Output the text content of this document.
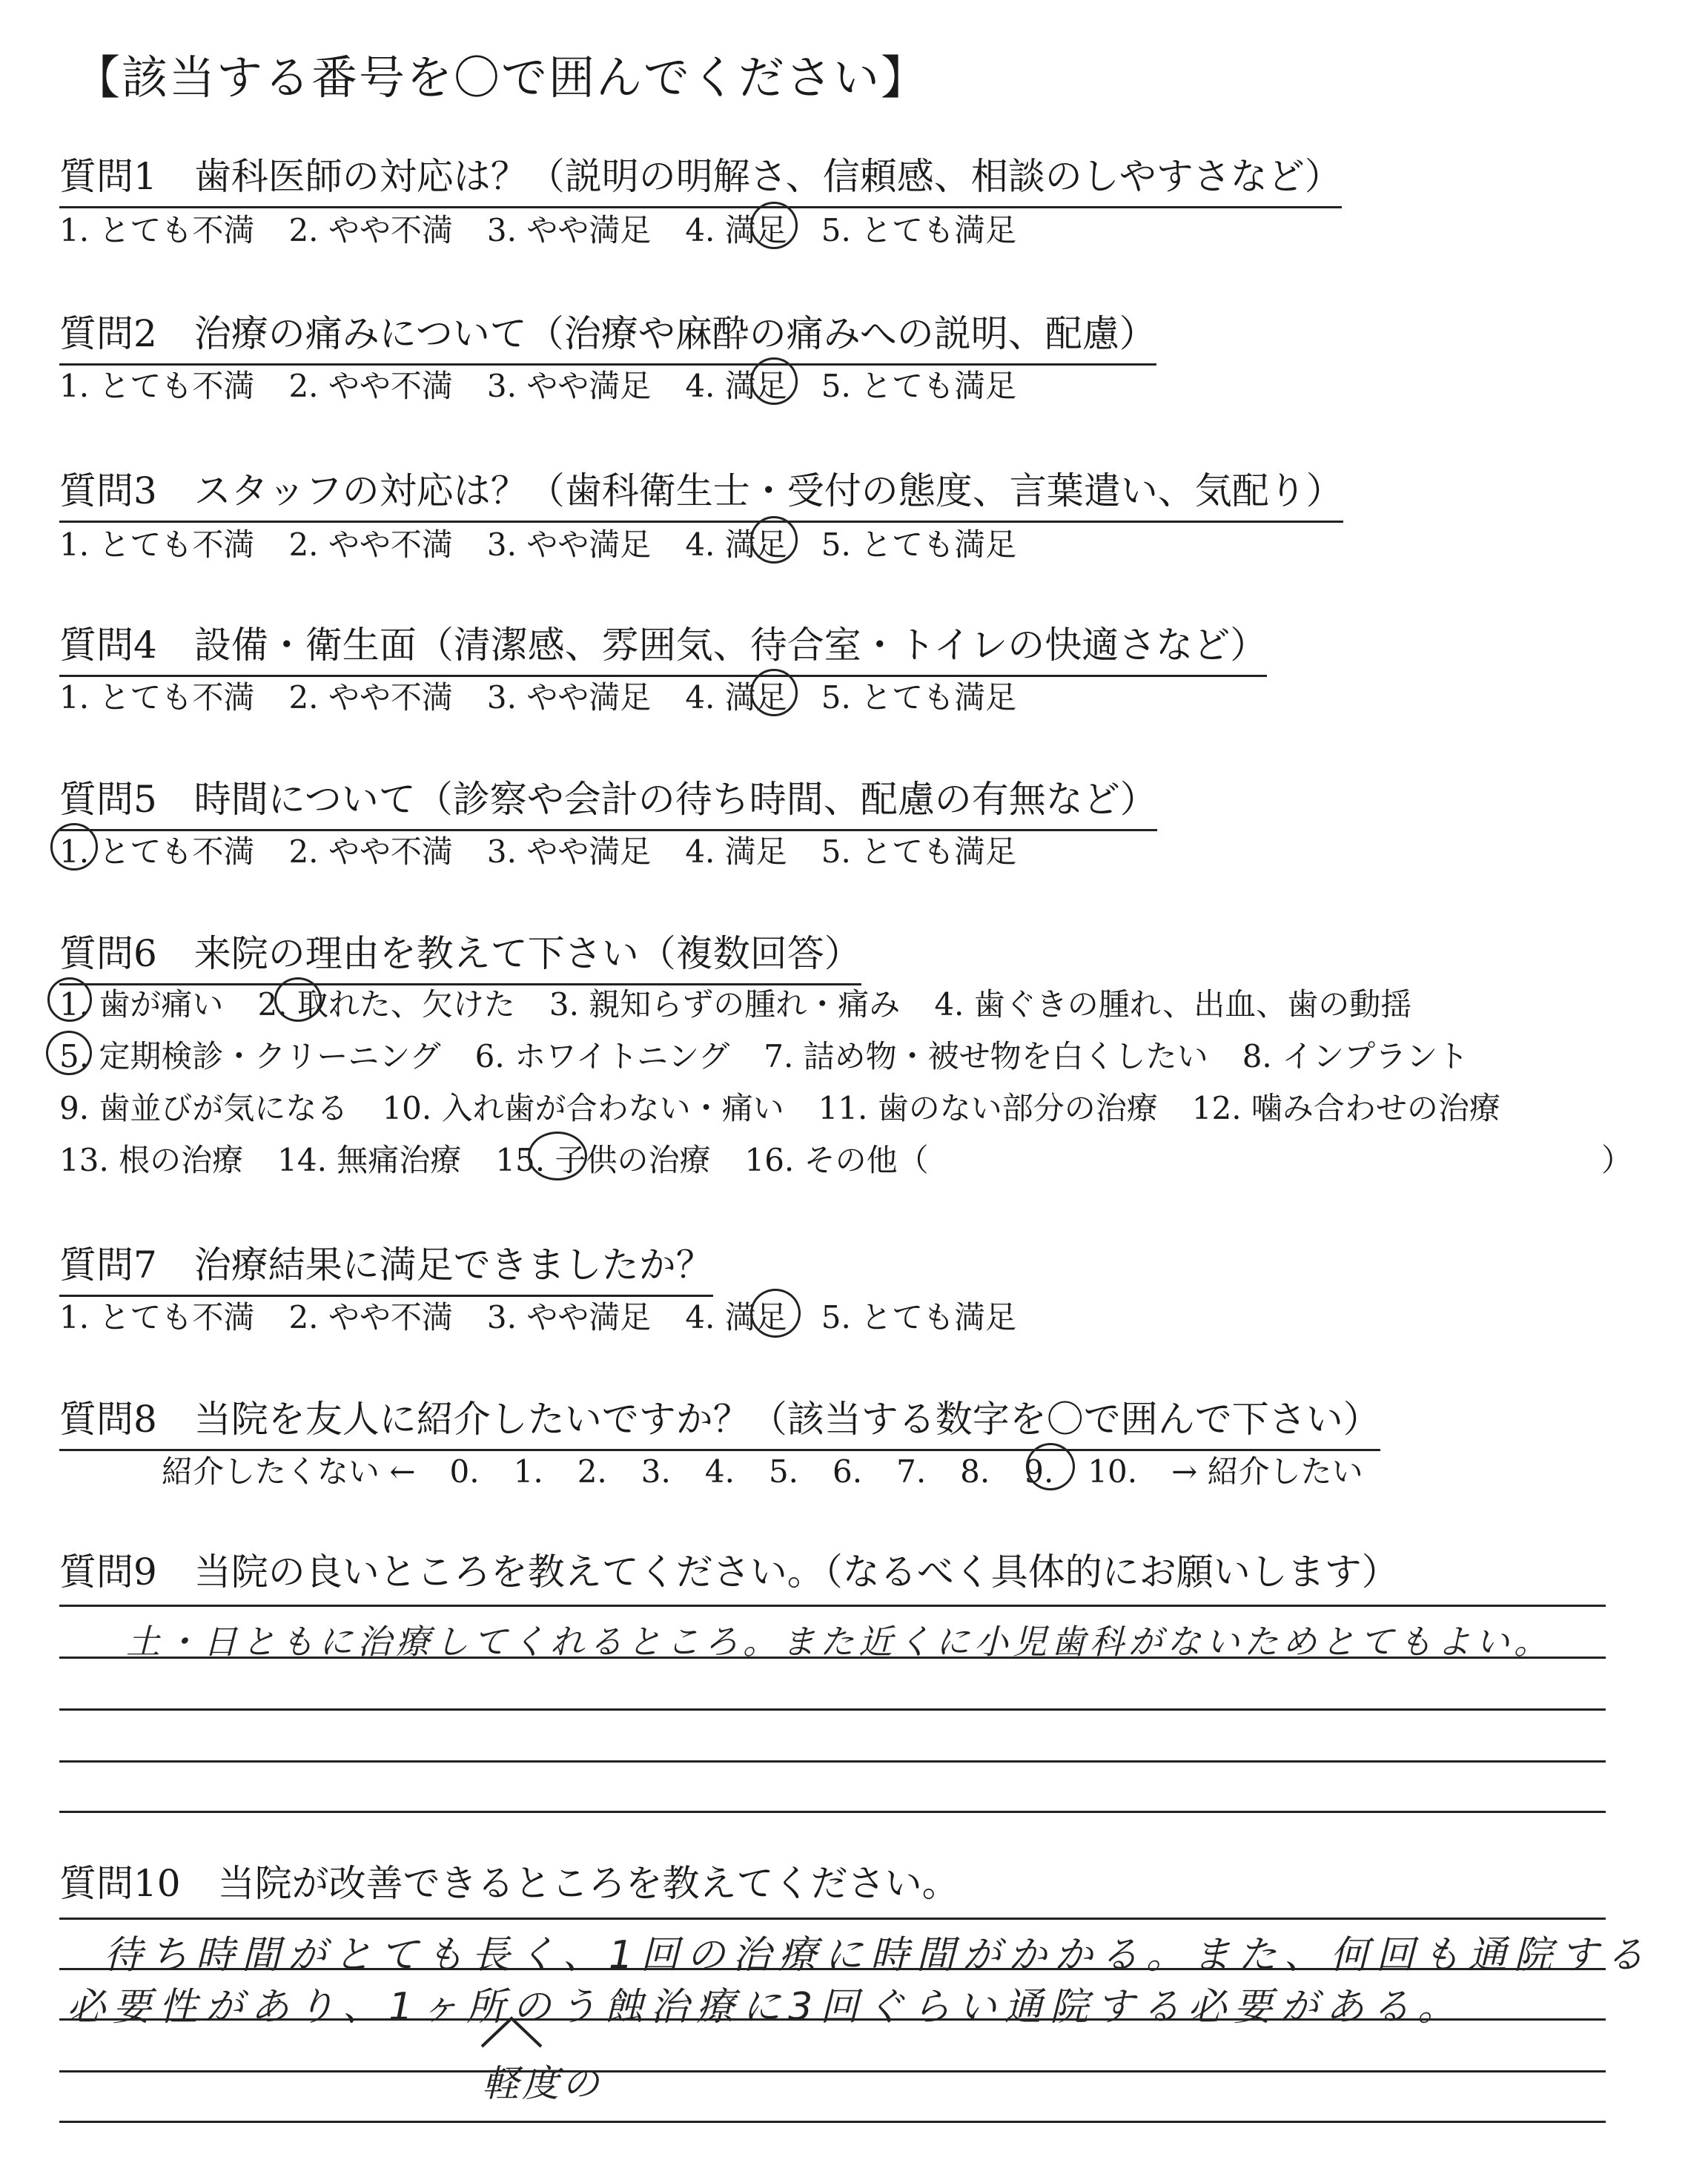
【該当する番号を〇で囲んでください】
質問1　歯科医師の対応は？（説明の明解さ、信頼感、相談のしやすさなど）
1. とても不満 2. やや不満 3. やや満足 4. 満足 5. とても満足
質問2　治療の痛みについて（治療や麻酔の痛みへの説明、配慮）
1. とても不満 2. やや不満 3. やや満足 4. 満足 5. とても満足
質問3　スタッフの対応は？（歯科衛生士・受付の態度、言葉遣い、気配り）
1. とても不満 2. やや不満 3. やや満足 4. 満足 5. とても満足
質問4　設備・衛生面（清潔感、雰囲気、待合室・トイレの快適さなど）
1. とても不満 2. やや不満 3. やや満足 4. 満足 5. とても満足
質問5　時間について（診察や会計の待ち時間、配慮の有無など）
1. とても不満 2. やや不満 3. やや満足 4. 満足 5. とても満足
質問6　来院の理由を教えて下さい（複数回答）
1. 歯が痛い 2. 取れた、欠けた 3. 親知らずの腫れ・痛み 4. 歯ぐきの腫れ、出血、歯の動揺
5. 定期検診・クリーニング 6. ホワイトニング 7. 詰め物・被せ物を白くしたい 8. インプラント
9. 歯並びが気になる 10. 入れ歯が合わない・痛い 11. 歯のない部分の治療 12. 噛み合わせの治療
13. 根の治療 14. 無痛治療 15. 子供の治療 16. その他（	）
質問7　治療結果に満足できましたか？
1. とても不満 2. やや不満 3. やや満足 4. 満足 5. とても満足
質問8　当院を友人に紹介したいですか？（該当する数字を〇で囲んで下さい）
紹介したくない ← 0. 1. 2. 3. 4. 5. 6. 7. 8. 9. 10. → 紹介したい
質問9　当院の良いところを教えてください。（なるべく具体的にお願いします）
土・日ともに治療してくれるところ。また近くに小児歯科がないためとてもよい。
質問10　当院が改善できるところを教えてください。
待ち時間がとても長く、1回の治療に時間がかかる。また、何回も通院する
必要性があり、1ヶ所のう蝕治療に3回ぐらい通院する必要がある。
軽度の
